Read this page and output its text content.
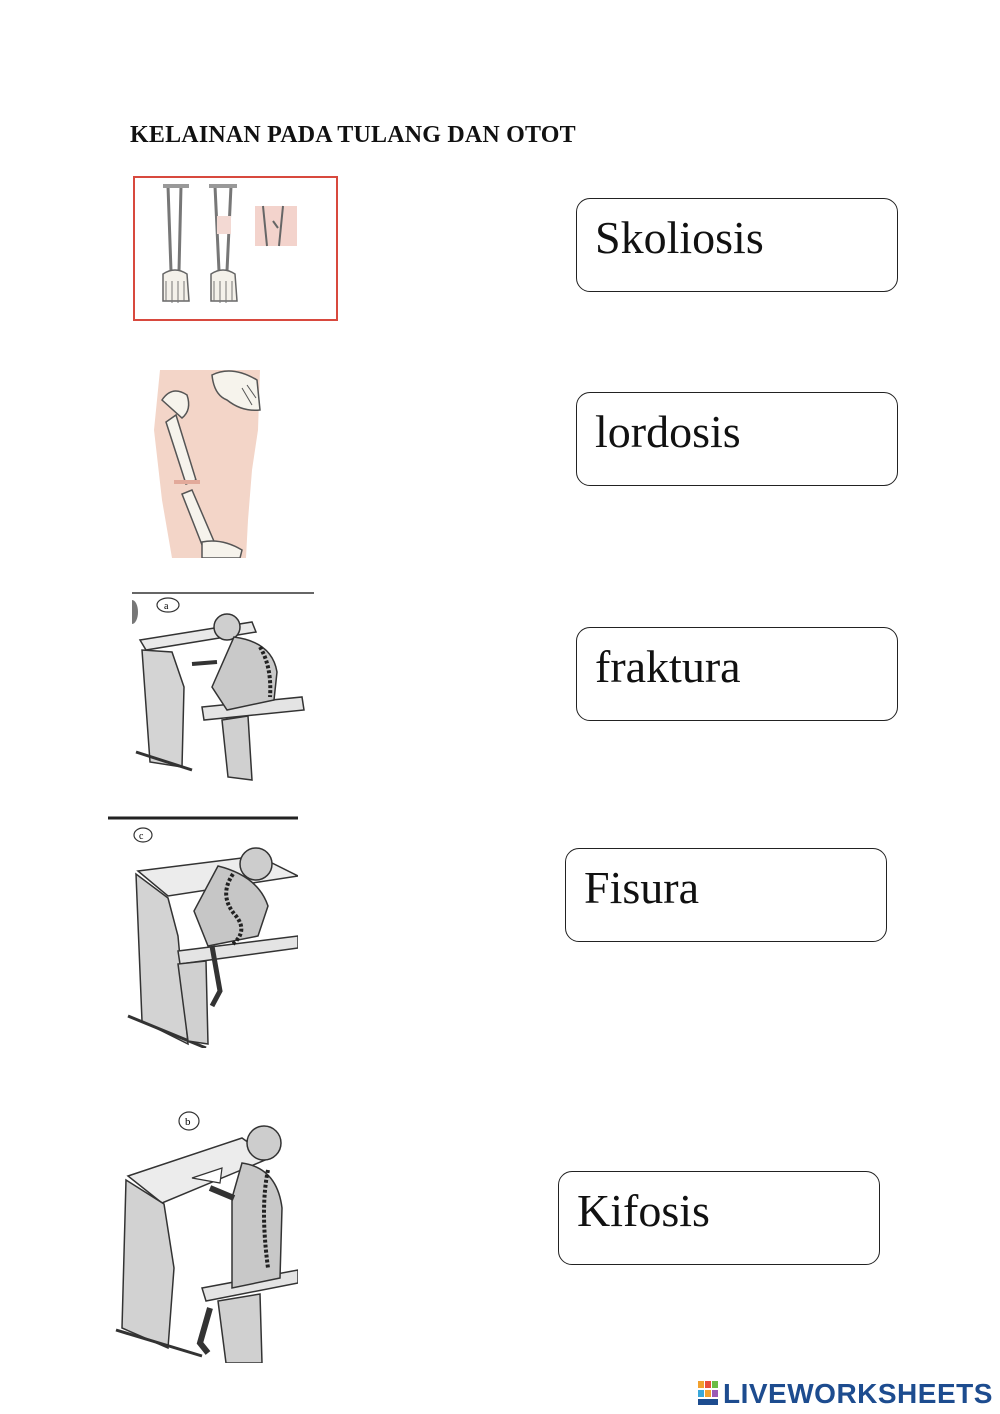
KELAINAN PADA TULANG DAN OTOT
a
c
b
Skoliosis
lordosis
fraktura
Fisura
Kifosis
LIVEWORKSHEETS
